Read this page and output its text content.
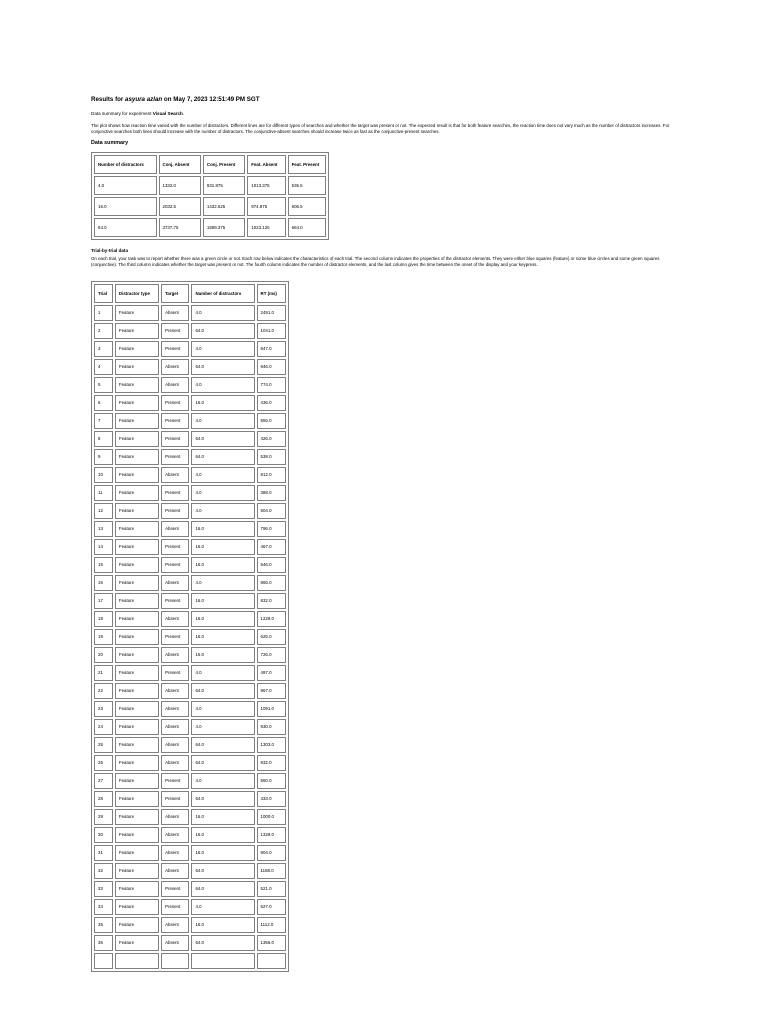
Results for asyura azlan on May 7, 2023 12:51:49 PM SGT

Data summary for experiment Visual Search.

The plot shows how reaction time varied with the number of distractors. Different lines are for different types of searches and whether the target was present or not. The expected result is that for both feature searches, the reaction time does not vary much as the number of distractors increases. For conjunctive searches both lines should increase with the number of distractors. The conjunctive-absent searches should increase twice as fast as the conjunctive-present searches.

Data summary

Number of distractors	Conj. Absent	Conj. Present	Feat. Absent	Feat. Present
4.0	1332.0	931.875	1013.375	536.5
16.0	2032.5	1432.625	974.875	606.5
64.0	3737.75	1599.375	1023.125	664.0

Trial-by-trial data

On each trial, your task was to report whether there was a green circle or not. Each row below indicates the characteristics of each trial. The second column indicates the properties of the distractor elements. They were either blue squares (feature) or some blue circles and some green squares (conjunctive). The third column indicates whether the target was present or not. The fourth column indicates the number of distractor elements, and the last column gives the time between the onset of the display and your keypress.

Trial	Distractor type	Target	Number of distractors	RT (ms)
1	Feature	Absent	4.0	2491.0
2	Feature	Present	64.0	1041.0
3	Feature	Present	4.0	847.0
4	Feature	Absent	64.0	946.0
5	Feature	Absent	4.0	774.0
6	Feature	Present	16.0	436.0
7	Feature	Present	4.0	555.0
8	Feature	Present	64.0	426.0
9	Feature	Present	64.0	538.0
10	Feature	Absent	4.0	812.0
11	Feature	Present	4.0	388.0
12	Feature	Present	4.0	504.0
13	Feature	Absent	16.0	796.0
14	Feature	Present	16.0	467.0
15	Feature	Present	16.0	546.0
16	Feature	Absent	4.0	865.0
17	Feature	Present	16.0	832.0
18	Feature	Absent	16.0	1228.0
19	Feature	Present	16.0	625.0
20	Feature	Absent	16.0	726.0
21	Feature	Present	4.0	497.0
22	Feature	Absent	64.0	967.0
23	Feature	Absent	4.0	1091.0
24	Feature	Absent	4.0	930.0
25	Feature	Absent	64.0	1303.0
26	Feature	Absent	64.0	932.0
27	Feature	Present	4.0	560.0
28	Feature	Present	64.0	433.0
29	Feature	Absent	16.0	1000.0
30	Feature	Absent	16.0	1328.0
31	Feature	Absent	16.0	904.0
32	Feature	Absent	64.0	1188.0
33	Feature	Present	64.0	521.0
34	Feature	Present	4.0	527.0
35	Feature	Absent	16.0	1112.0
36	Feature	Absent	64.0	1356.0
